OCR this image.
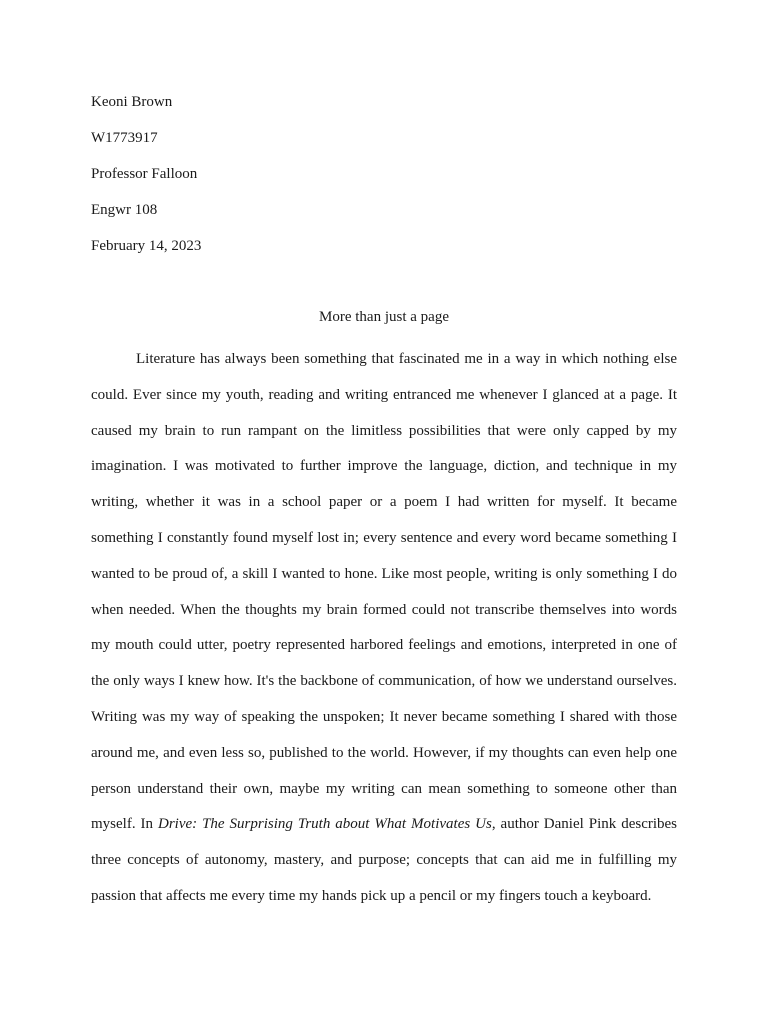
Keoni Brown
W1773917
Professor Falloon
Engwr 108
February 14, 2023
More than just a page

Literature has always been something that fascinated me in a way in which nothing else could. Ever since my youth, reading and writing entranced me whenever I glanced at a page. It caused my brain to run rampant on the limitless possibilities that were only capped by my imagination. I was motivated to further improve the language, diction, and technique in my writing, whether it was in a school paper or a poem I had written for myself. It became something I constantly found myself lost in; every sentence and every word became something I wanted to be proud of, a skill I wanted to hone. Like most people, writing is only something I do when needed. When the thoughts my brain formed could not transcribe themselves into words my mouth could utter, poetry represented harbored feelings and emotions, interpreted in one of the only ways I knew how. It's the backbone of communication, of how we understand ourselves. Writing was my way of speaking the unspoken; It never became something I shared with those around me, and even less so, published to the world. However, if my thoughts can even help one person understand their own, maybe my writing can mean something to someone other than myself. In Drive: The Surprising Truth about What Motivates Us, author Daniel Pink describes three concepts of autonomy, mastery, and purpose; concepts that can aid me in fulfilling my passion that affects me every time my hands pick up a pencil or my fingers touch a keyboard.
